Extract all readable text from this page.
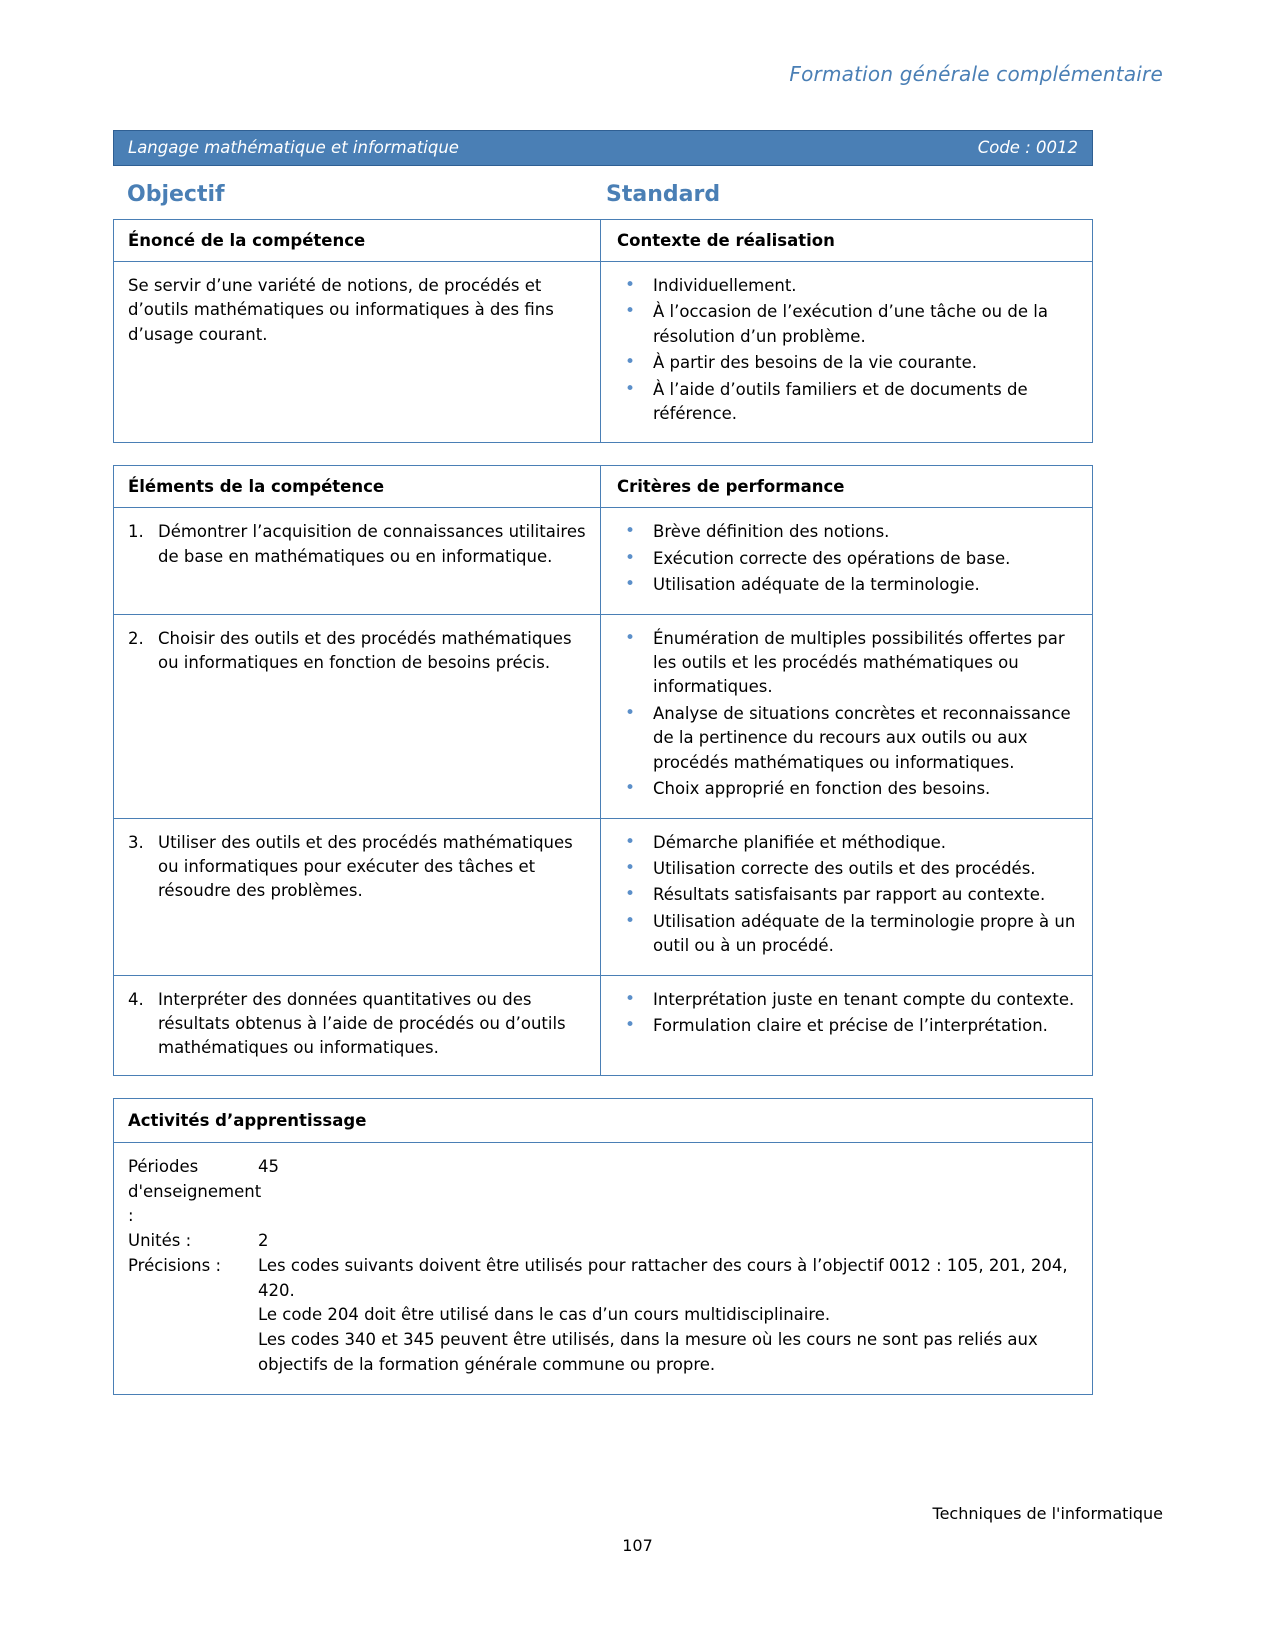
Formation générale complémentaire
Langage mathématique et informatique	Code : 0012
Objectif	Standard
Énoncé de la compétence	Contexte de réalisation
Se servir d’une variété de notions, de procédés et d’outils mathématiques ou informatiques à des fins d’usage courant.
• Individuellement.
• À l’occasion de l’exécution d’une tâche ou de la résolution d’un problème.
• À partir des besoins de la vie courante.
• À l’aide d’outils familiers et de documents de référence.
Éléments de la compétence	Critères de performance
1. Démontrer l’acquisition de connaissances utilitaires de base en mathématiques ou en informatique.
• Brève définition des notions.
• Exécution correcte des opérations de base.
• Utilisation adéquate de la terminologie.
2. Choisir des outils et des procédés mathématiques ou informatiques en fonction de besoins précis.
• Énumération de multiples possibilités offertes par les outils et les procédés mathématiques ou informatiques.
• Analyse de situations concrètes et reconnaissance de la pertinence du recours aux outils ou aux procédés mathématiques ou informatiques.
• Choix approprié en fonction des besoins.
3. Utiliser des outils et des procédés mathématiques ou informatiques pour exécuter des tâches et résoudre des problèmes.
• Démarche planifiée et méthodique.
• Utilisation correcte des outils et des procédés.
• Résultats satisfaisants par rapport au contexte.
• Utilisation adéquate de la terminologie propre à un outil ou à un procédé.
4. Interpréter des données quantitatives ou des résultats obtenus à l’aide de procédés ou d’outils mathématiques ou informatiques.
• Interprétation juste en tenant compte du contexte.
• Formulation claire et précise de l’interprétation.
Activités d’apprentissage
Périodes d'enseignement :
45
Unités :	2
Précisions :	Les codes suivants doivent être utilisés pour rattacher des cours à l’objectif 0012 : 105, 201, 204, 420.

Le code 204 doit être utilisé dans le cas d’un cours multidisciplinaire.

Les codes 340 et 345 peuvent être utilisés, dans la mesure où les cours ne sont pas reliés aux objectifs de la formation générale commune ou propre.

Techniques de l'informatique
107
